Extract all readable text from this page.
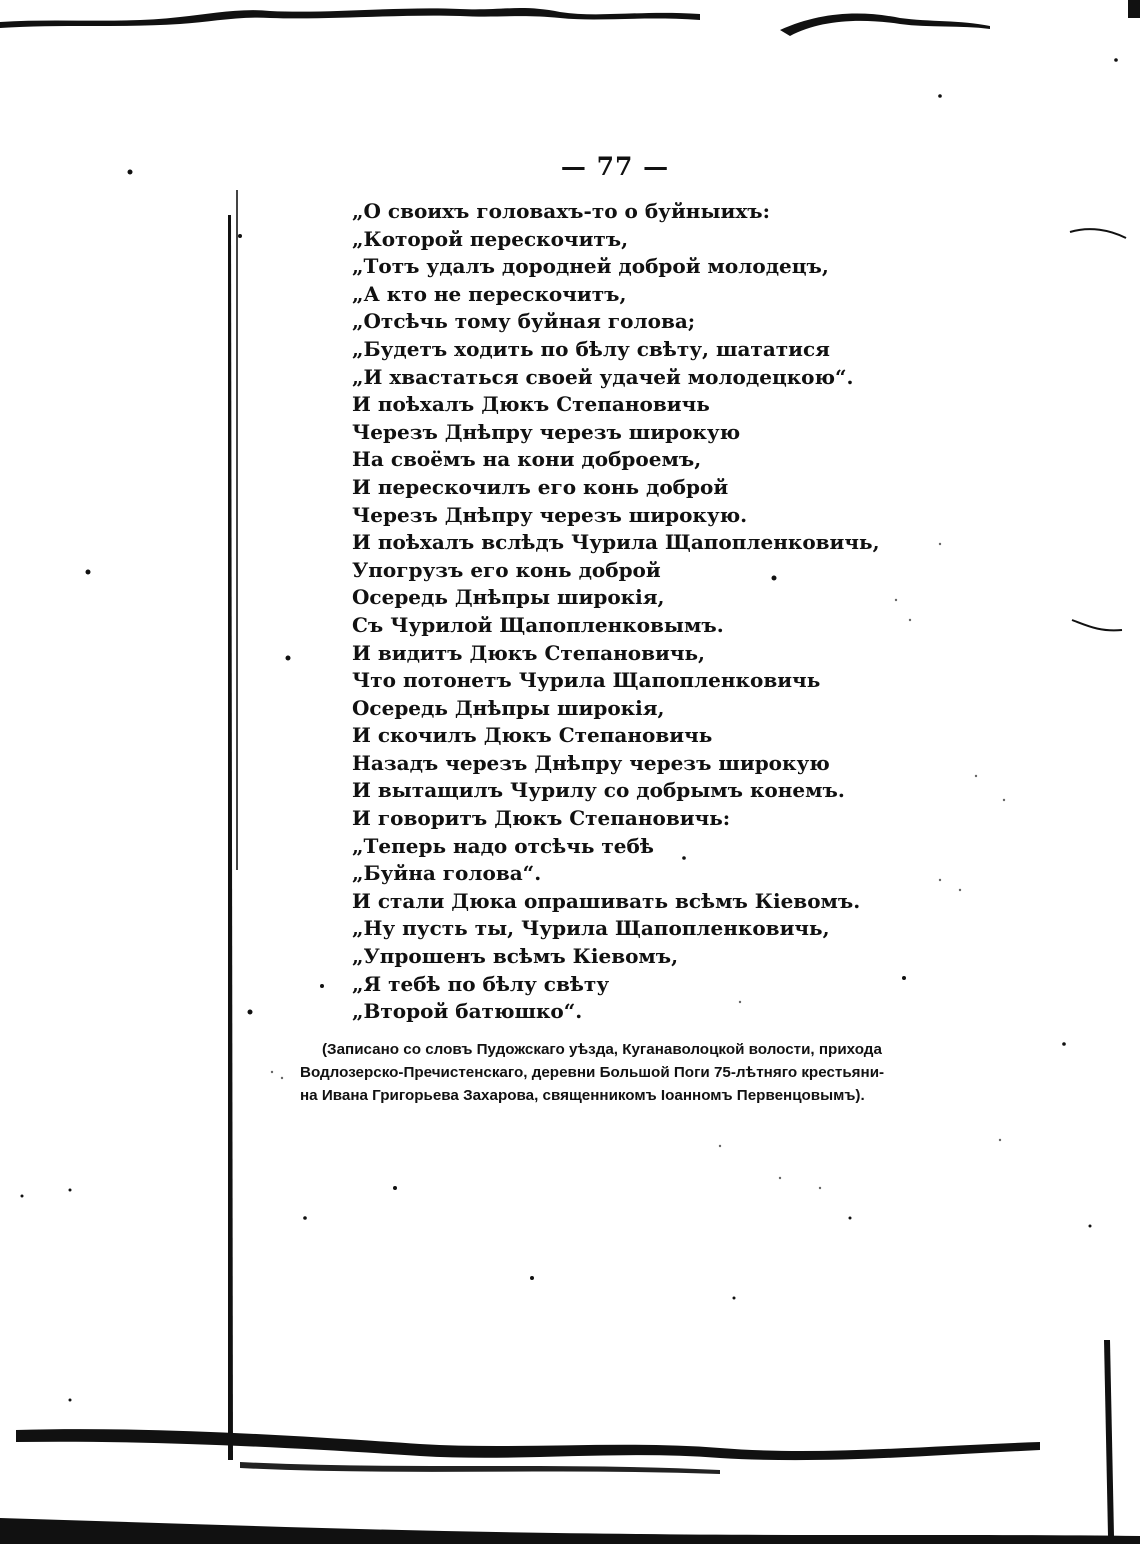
— 77 —
„О своихъ головахъ-то о буйныихъ:
„Которой перескочитъ,
„Тотъ удалъ дородней доброй молодецъ,
„А кто не перескочитъ,
„Отсѣчь тому буйная голова;
„Будетъ ходить по бѣлу свѣту, шататися
„И хвастаться своей удачей молодецкою“.
И поѣхалъ Дюкъ Степановичь
Черезъ Днѣпру черезъ широкую
На своёмъ на кони доброемъ,
И перескочилъ его конь доброй
Черезъ Днѣпру черезъ широкую.
И поѣхалъ вслѣдъ Чурила Щапопленковичь,
Упогрузъ его конь доброй
Осередь Днѣпры широкія,
Съ Чурилой Щапопленковымъ.
И видитъ Дюкъ Степановичь,
Что потонетъ Чурила Щапопленковичь
Осередь Днѣпры широкія,
И скочилъ Дюкъ Степановичь
Назадъ черезъ Днѣпру черезъ широкую
И вытащилъ Чурилу со добрымъ конемъ.
И говоритъ Дюкъ Степановичь:
„Теперь надо отсѣчь тебѣ
„Буйна голова“.
И стали Дюка опрашивать всѣмъ Кіевомъ.
„Ну пусть ты, Чурила Щапопленковичь,
„Упрошенъ всѣмъ Кіевомъ,
„Я тебѣ по бѣлу свѣту
„Второй батюшко“.
(Записано со словъ Пудожскаго уѣзда, Куганаволоцкой волости, прихода
Водлозерско-Пречистенскаго, деревни Большой Поги 75-лѣтняго крестьяни-
на Ивана Григорьева Захарова, священникомъ Іоанномъ Первенцовымъ).
